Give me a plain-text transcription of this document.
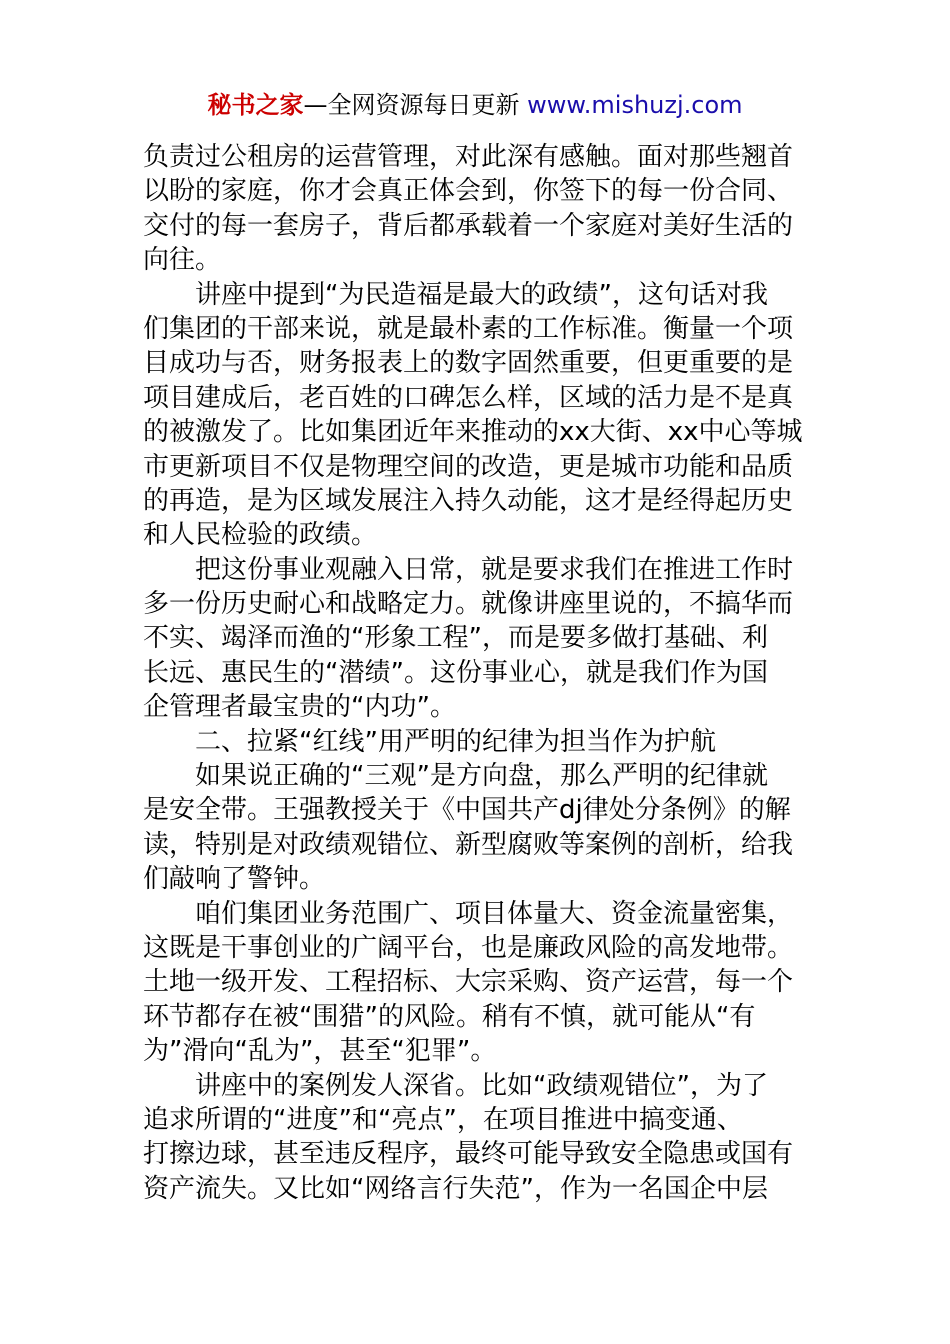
秘书之家—全网资源每日更新 www.mishuzj.com
负责过公租房的运营管理，对此深有感触。面对那些翘首
以盼的家庭，你才会真正体会到，你签下的每一份合同、
交付的每一套房子，背后都承载着一个家庭对美好生活的
向往。
讲座中提到“为民造福是最大的政绩”，这句话对我
们集团的干部来说，就是最朴素的工作标准。衡量一个项
目成功与否，财务报表上的数字固然重要，但更重要的是
项目建成后，老百姓的口碑怎么样，区域的活力是不是真
的被激发了。比如集团近年来推动的xx大街、xx中心等城
市更新项目不仅是物理空间的改造，更是城市功能和品质
的再造，是为区域发展注入持久动能，这才是经得起历史
和人民检验的政绩。
把这份事业观融入日常，就是要求我们在推进工作时
多一份历史耐心和战略定力。就像讲座里说的，不搞华而
不实、竭泽而渔的“形象工程”，而是要多做打基础、利
长远、惠民生的“潜绩”。这份事业心，就是我们作为国
企管理者最宝贵的“内功”。
二、拉紧“红线”用严明的纪律为担当作为护航
如果说正确的“三观”是方向盘，那么严明的纪律就
是安全带。王强教授关于《中国共产dj律处分条例》的解
读，特别是对政绩观错位、新型腐败等案例的剖析，给我
们敲响了警钟。
咱们集团业务范围广、项目体量大、资金流量密集，
这既是干事创业的广阔平台，也是廉政风险的高发地带。
土地一级开发、工程招标、大宗采购、资产运营，每一个
环节都存在被“围猎”的风险。稍有不慎，就可能从“有
为”滑向“乱为”，甚至“犯罪”。
讲座中的案例发人深省。比如“政绩观错位”，为了
追求所谓的“进度”和“亮点”，在项目推进中搞变通、
打擦边球，甚至违反程序，最终可能导致安全隐患或国有
资产流失。又比如“网络言行失范”，作为一名国企中层
